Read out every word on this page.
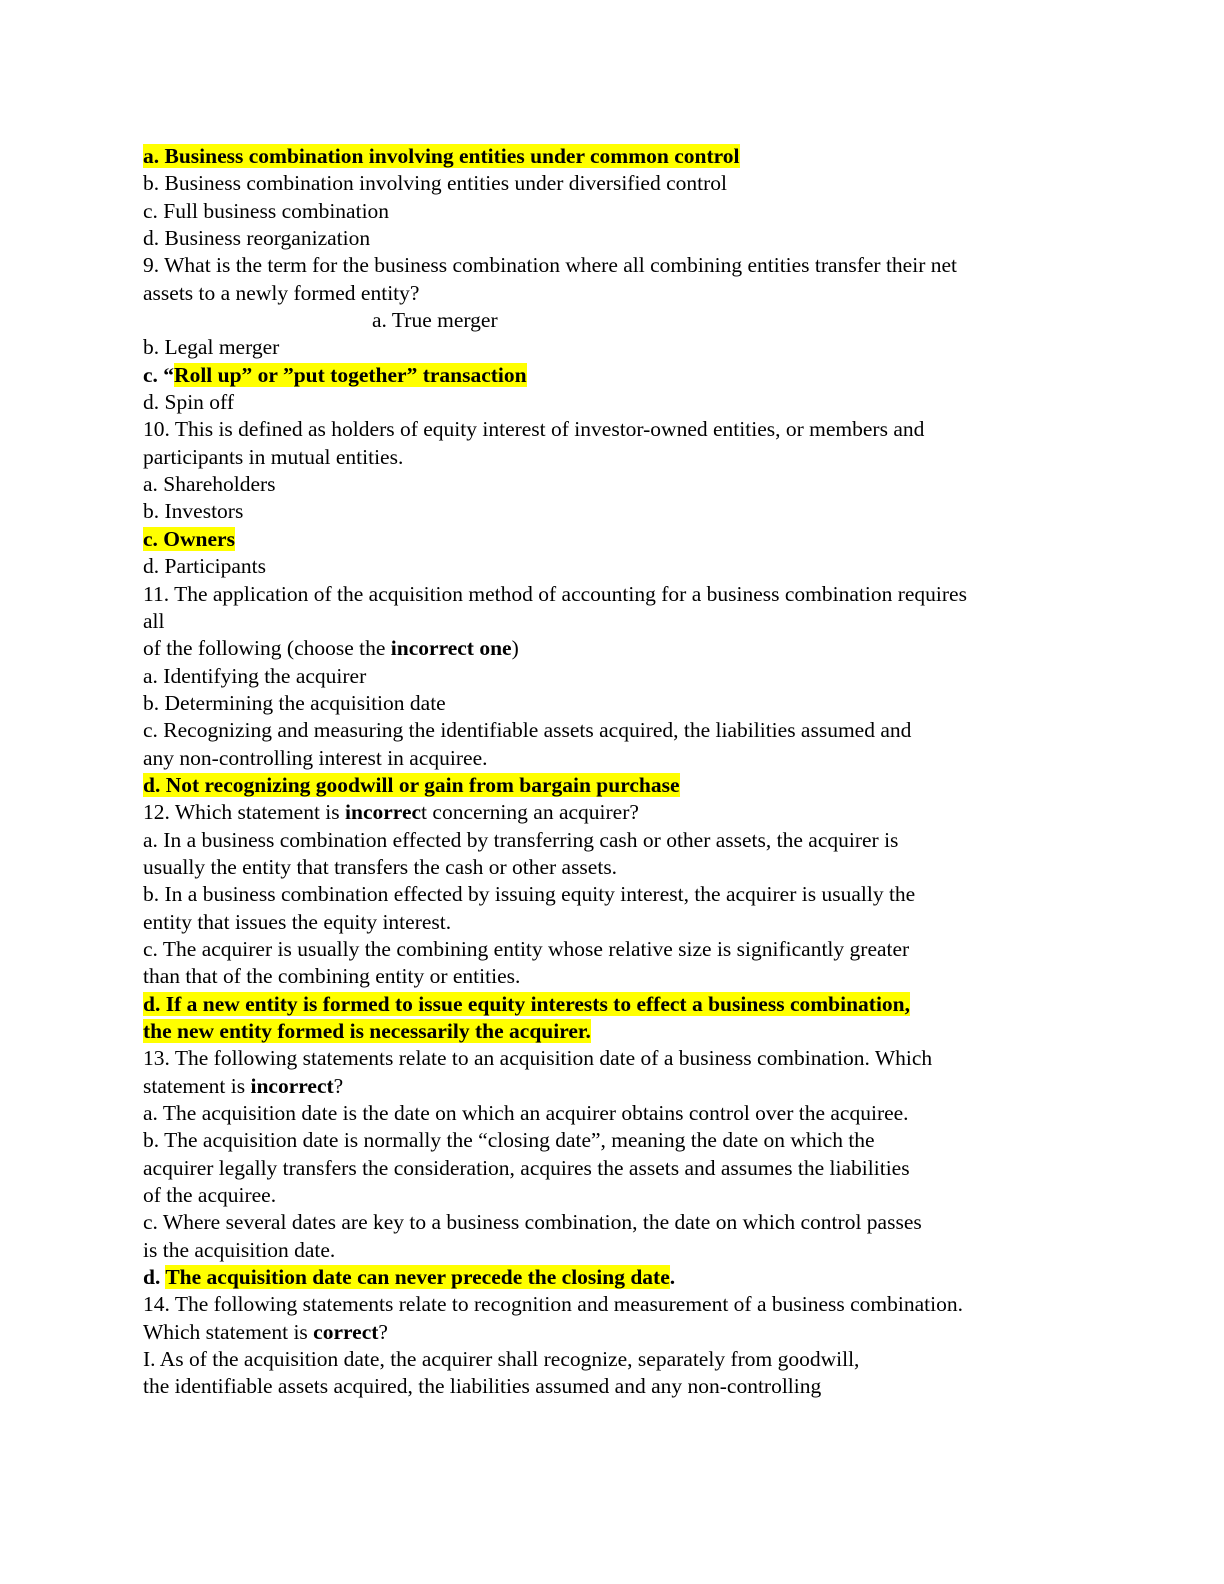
a. Business combination involving entities under common control
b. Business combination involving entities under diversified control
c. Full business combination
d. Business reorganization
9. What is the term for the business combination where all combining entities transfer their net
assets to a newly formed entity?
a. True merger
b. Legal merger
c. “Roll up” or ”put together” transaction
d. Spin off
10. This is defined as holders of equity interest of investor-owned entities, or members and
participants in mutual entities.
a. Shareholders
b. Investors
c. Owners
d. Participants
11. The application of the acquisition method of accounting for a business combination requires
all
of the following (choose the incorrect one)
a. Identifying the acquirer
b. Determining the acquisition date
c. Recognizing and measuring the identifiable assets acquired, the liabilities assumed and
any non-controlling interest in acquiree.
d. Not recognizing goodwill or gain from bargain purchase
12. Which statement is incorrect concerning an acquirer?
a. In a business combination effected by transferring cash or other assets, the acquirer is
usually the entity that transfers the cash or other assets.
b. In a business combination effected by issuing equity interest, the acquirer is usually the
entity that issues the equity interest.
c. The acquirer is usually the combining entity whose relative size is significantly greater
than that of the combining entity or entities.
d. If a new entity is formed to issue equity interests to effect a business combination,
the new entity formed is necessarily the acquirer.
13. The following statements relate to an acquisition date of a business combination. Which
statement is incorrect?
a. The acquisition date is the date on which an acquirer obtains control over the acquiree.
b. The acquisition date is normally the “closing date”, meaning the date on which the
acquirer legally transfers the consideration, acquires the assets and assumes the liabilities
of the acquiree.
c. Where several dates are key to a business combination, the date on which control passes
is the acquisition date.
d. The acquisition date can never precede the closing date.
14. The following statements relate to recognition and measurement of a business combination.
Which statement is correct?
I. As of the acquisition date, the acquirer shall recognize, separately from goodwill,
the identifiable assets acquired, the liabilities assumed and any non-controlling
